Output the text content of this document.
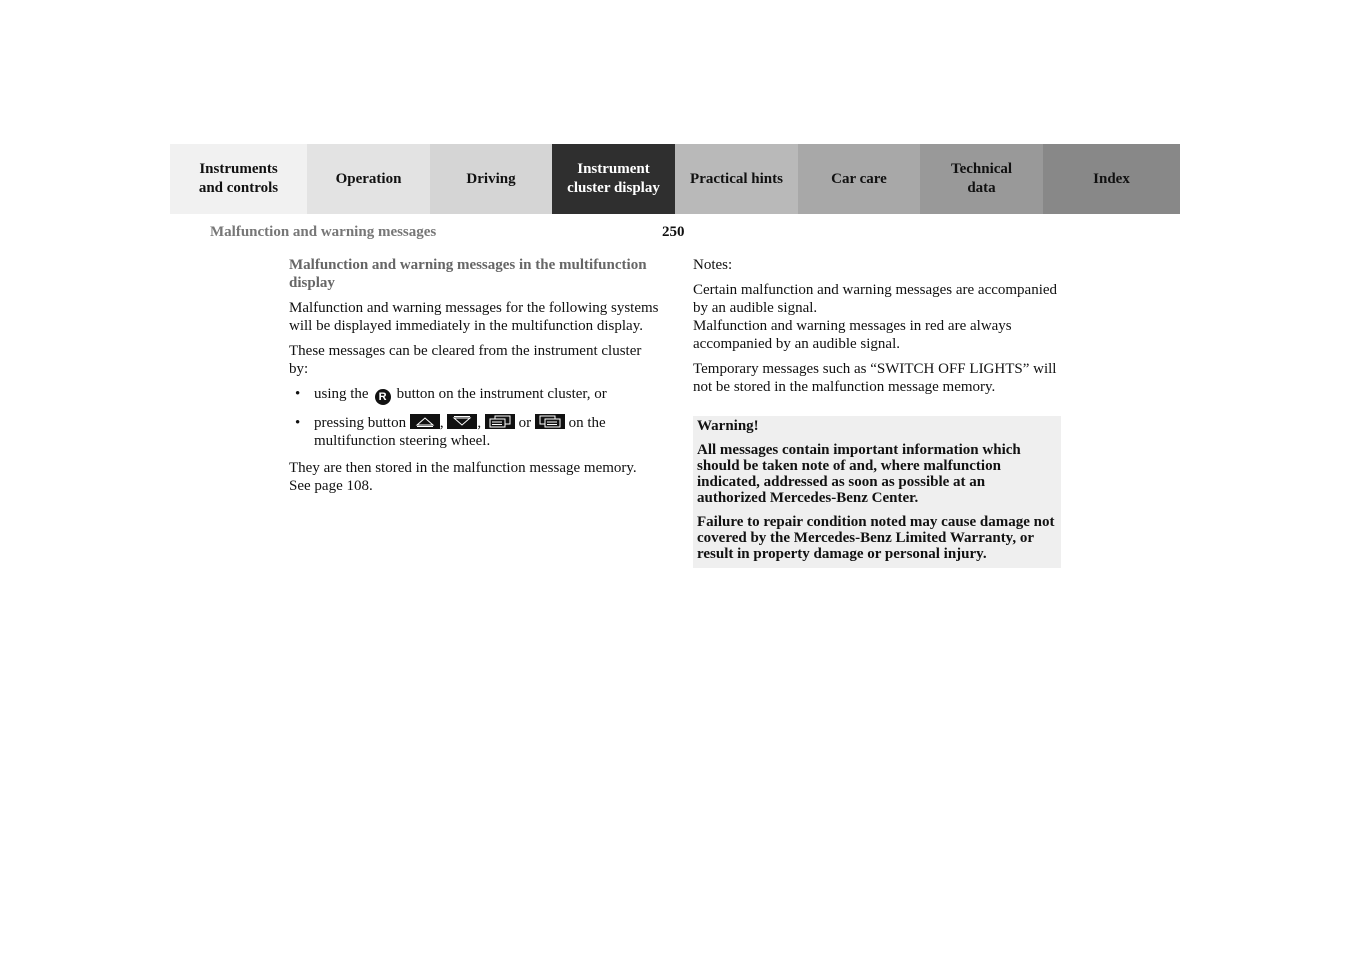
Instruments
and controls
Operation	Driving
Instrument
cluster display
Practical hints	Car care
Technical
data
Index
Malfunction and warning messages	250
Malfunction and warning messages in the multifunction display

Malfunction and warning messages for the following systems will be displayed immediately in the multifunction display.

These messages can be cleared from the instrument cluster by:

• using the R button on the instrument cluster, or
• pressing button , ,	or	on the multifunction steering wheel.

They are then stored in the malfunction message memory. See page 108.

Notes:

Certain malfunction and warning messages are accompanied by an audible signal.
Malfunction and warning messages in red are always accompanied by an audible signal.

Temporary messages such as “SWITCH OFF LIGHTS” will not be stored in the malfunction message memory.

Warning!

All messages contain important information which should be taken note of and, where malfunction indicated, addressed as soon as possible at an authorized Mercedes-Benz Center.

Failure to repair condition noted may cause damage not covered by the Mercedes-Benz Limited Warranty, or result in property damage or personal injury.
